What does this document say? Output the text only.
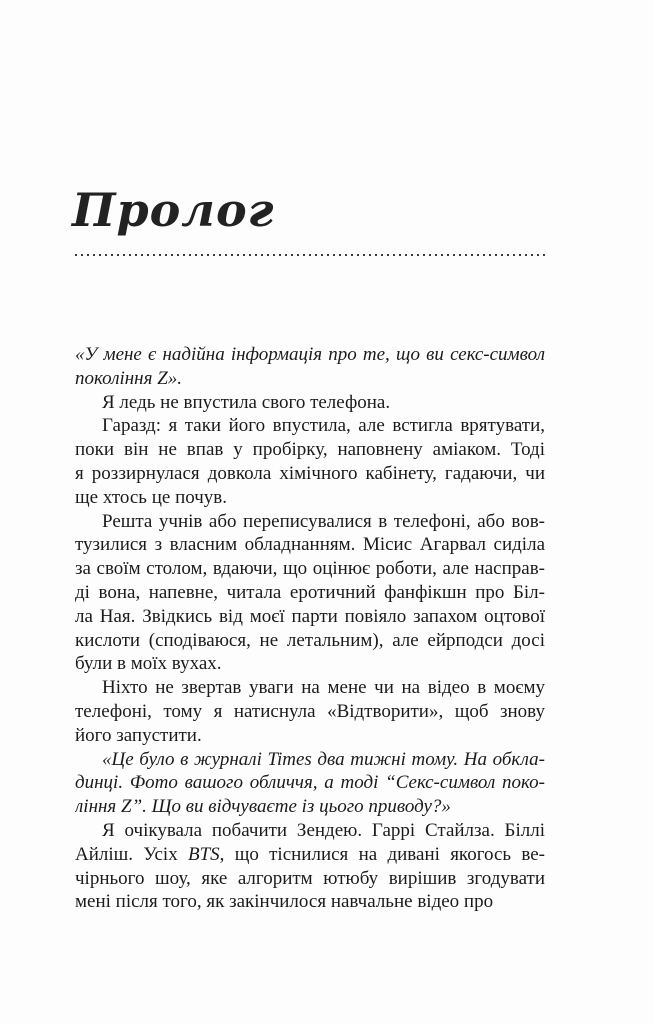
Пролог
«У мене є надійна інформація про те, що ви секс-символ
покоління Z».
Я ледь не впустила свого телефона.
Гаразд: я таки його впустила, але встигла врятувати,
поки він не впав у пробірку, наповнену аміаком. Тоді
я роззирнулася довкола хімічного кабінету, гадаючи, чи
ще хтось це почув.
Решта учнів або переписувалися в телефоні, або вов-
тузилися з власним обладнанням. Місис Агарвал сиділа
за своїм столом, вдаючи, що оцінює роботи, але насправ-
ді вона, напевне, читала еротичний фанфікшн про Біл-
ла Ная. Звідкись від моєї парти повіяло запахом оцтової
кислоти (сподіваюся, не летальним), але ейрподси досі
були в моїх вухах.
Ніхто не звертав уваги на мене чи на відео в моєму
телефоні, тому я натиснула «Відтворити», щоб знову
його запустити.
«Це було в журналі Times два тижні тому. На обкла-
динці. Фото вашого обличчя, а тоді “Секс-символ поко-
ління Z”. Що ви відчуваєте із цього приводу?»
Я очікувала побачити Зендею. Гаррі Стайлза. Біллі
Айліш. Усіх BTS, що тіснилися на дивані якогось ве-
чірнього шоу, яке алгоритм ютюбу вирішив згодувати
мені після того, як закінчилося навчальне відео про
